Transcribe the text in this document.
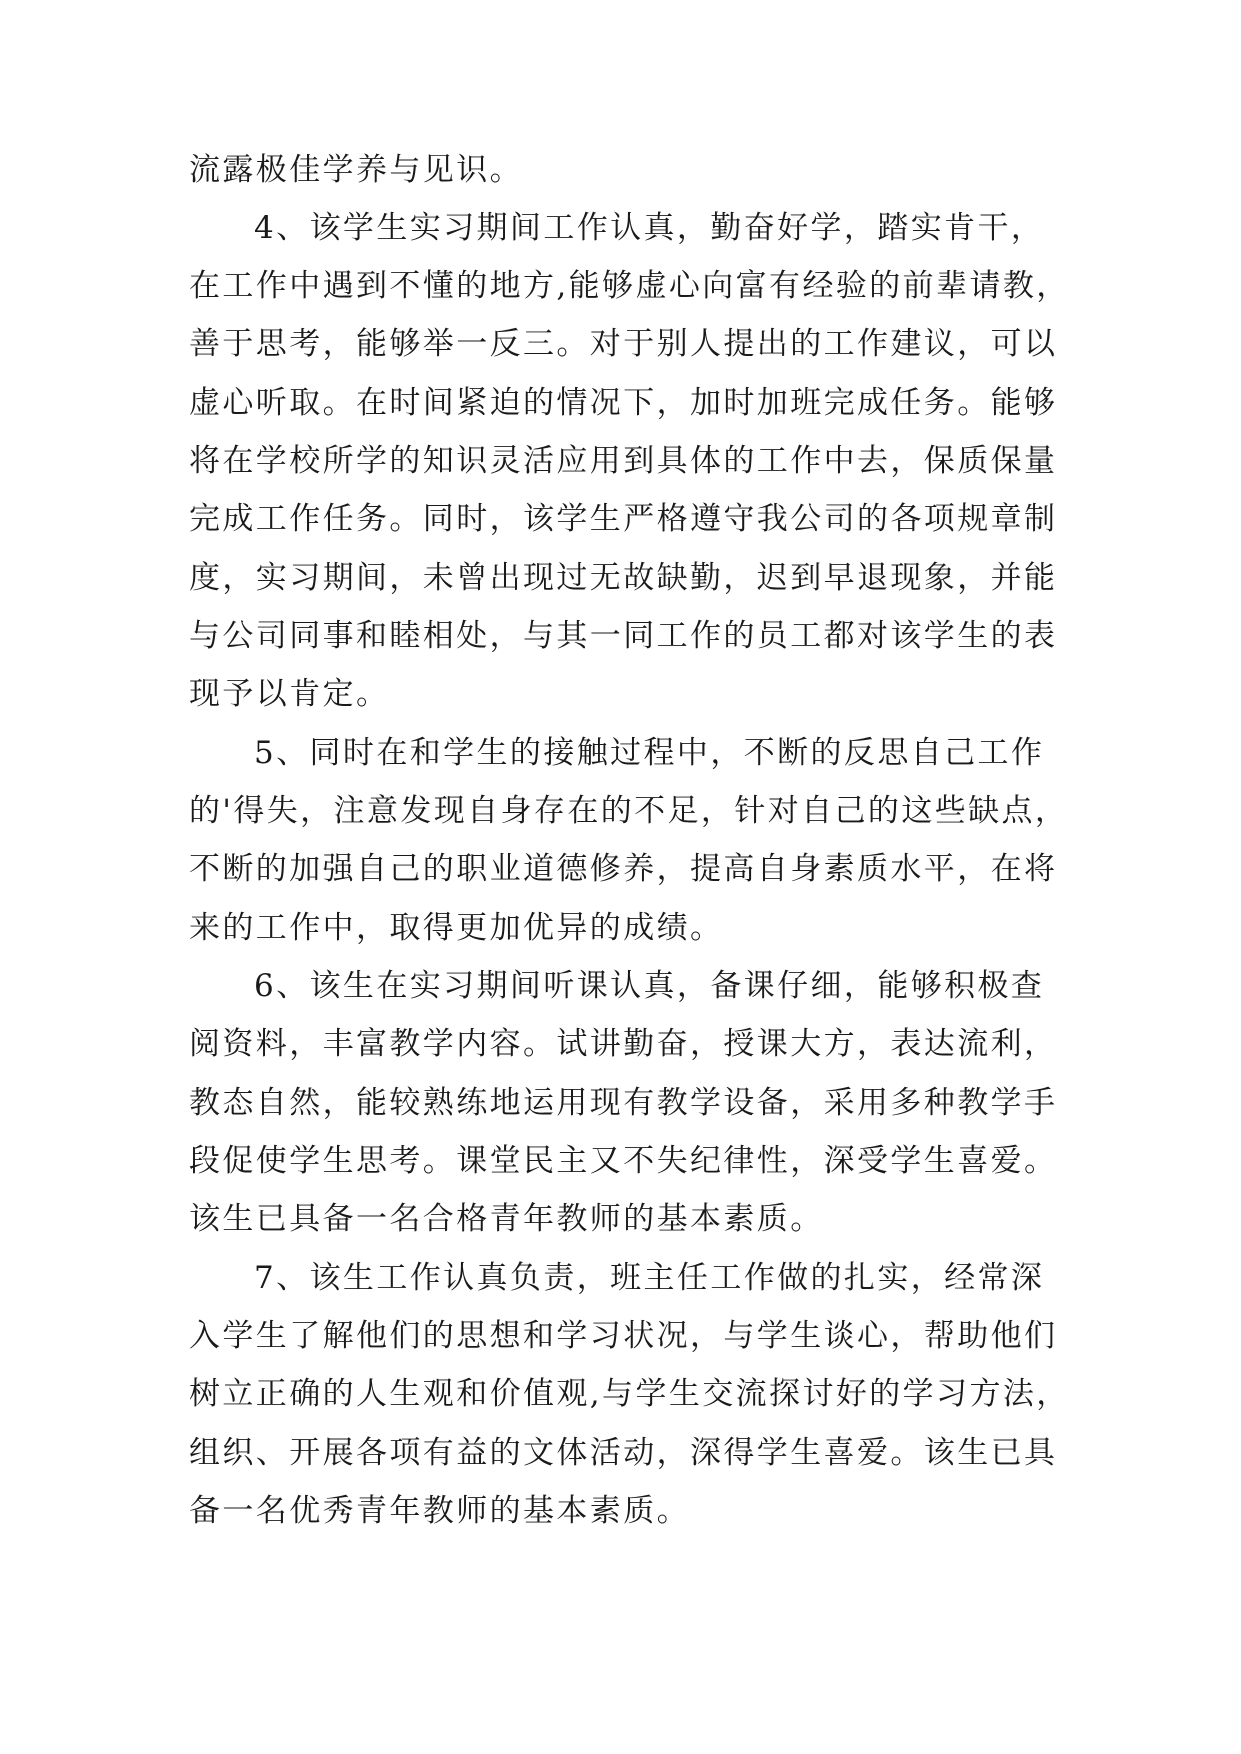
流露极佳学养与见识。
4、该学生实习期间工作认真，勤奋好学，踏实肯干，
在工作中遇到不懂的地方,能够虚心向富有经验的前辈请教，
善于思考，能够举一反三。对于别人提出的工作建议，可以
虚心听取。在时间紧迫的情况下，加时加班完成任务。能够
将在学校所学的知识灵活应用到具体的工作中去，保质保量
完成工作任务。同时，该学生严格遵守我公司的各项规章制
度，实习期间，未曾出现过无故缺勤，迟到早退现象，并能
与公司同事和睦相处，与其一同工作的员工都对该学生的表
现予以肯定。
5、同时在和学生的接触过程中，不断的反思自己工作
的'得失，注意发现自身存在的不足，针对自己的这些缺点，
不断的加强自己的职业道德修养，提高自身素质水平，在将
来的工作中，取得更加优异的成绩。
6、该生在实习期间听课认真，备课仔细，能够积极查
阅资料，丰富教学内容。试讲勤奋，授课大方，表达流利，
教态自然，能较熟练地运用现有教学设备，采用多种教学手
段促使学生思考。课堂民主又不失纪律性，深受学生喜爱。
该生已具备一名合格青年教师的基本素质。
7、该生工作认真负责，班主任工作做的扎实，经常深
入学生了解他们的思想和学习状况，与学生谈心，帮助他们
树立正确的人生观和价值观,与学生交流探讨好的学习方法，
组织、开展各项有益的文体活动，深得学生喜爱。该生已具
备一名优秀青年教师的基本素质。
